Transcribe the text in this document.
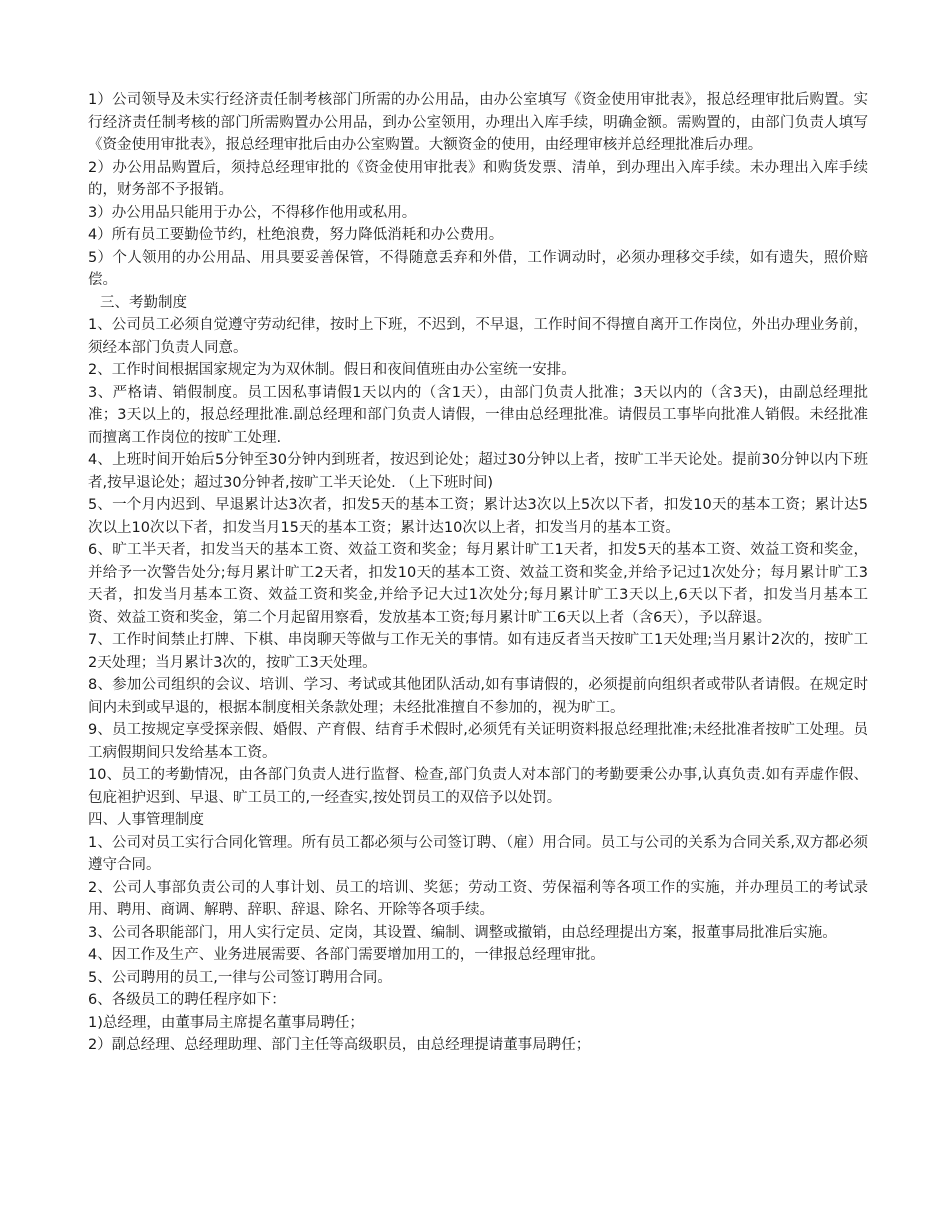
1）公司领导及未实行经济责任制考核部门所需的办公用品，由办公室填写《资金使用审批表》，报总经理审批后购置。实行经济责任制考核的部门所需购置办公用品，到办公室领用，办理出入库手续，明确金额。需购置的，由部门负责人填写《资金使用审批表》，报总经理审批后由办公室购置。大额资金的使用，由经理审核并总经理批准后办理。

2）办公用品购置后，须持总经理审批的《资金使用审批表》和购货发票、清单，到办理出入库手续。未办理出入库手续的，财务部不予报销。

3）办公用品只能用于办公，不得移作他用或私用。

4）所有员工要勤俭节约，杜绝浪费，努力降低消耗和办公费用。

5）个人领用的办公用品、用具要妥善保管，不得随意丢弃和外借，工作调动时，必须办理移交手续，如有遗失，照价赔偿。

三、考勤制度

1、公司员工必须自觉遵守劳动纪律，按时上下班，不迟到，不早退，工作时间不得擅自离开工作岗位，外出办理业务前，须经本部门负责人同意。

2、工作时间根据国家规定为为双休制。假日和夜间值班由办公室统一安排。

3、严格请、销假制度。员工因私事请假1天以内的（含1天），由部门负责人批准；3天以内的（含3天)，由副总经理批准；3天以上的，报总经理批准.副总经理和部门负责人请假，一律由总经理批准。请假员工事毕向批准人销假。未经批准而擅离工作岗位的按旷工处理.

4、上班时间开始后5分钟至30分钟内到班者，按迟到论处；超过30分钟以上者，按旷工半天论处。提前30分钟以内下班者,按早退论处；超过30分钟者,按旷工半天论处. （上下班时间)

5、一个月内迟到、早退累计达3次者，扣发5天的基本工资；累计达3次以上5次以下者，扣发10天的基本工资；累计达5次以上10次以下者，扣发当月15天的基本工资；累计达10次以上者，扣发当月的基本工资。

6、旷工半天者，扣发当天的基本工资、效益工资和奖金；每月累计旷工1天者，扣发5天的基本工资、效益工资和奖金，并给予一次警告处分;每月累计旷工2天者，扣发10天的基本工资、效益工资和奖金,并给予记过1次处分；每月累计旷工3天者，扣发当月基本工资、效益工资和奖金,并给予记大过1次处分;每月累计旷工3天以上,6天以下者，扣发当月基本工资、效益工资和奖金，第二个月起留用察看，发放基本工资;每月累计旷工6天以上者（含6天），予以辞退。

7、工作时间禁止打牌、下棋、串岗聊天等做与工作无关的事情。如有违反者当天按旷工1天处理;当月累计2次的，按旷工2天处理；当月累计3次的，按旷工3天处理。

8、参加公司组织的会议、培训、学习、考试或其他团队活动,如有事请假的，必须提前向组织者或带队者请假。在规定时间内未到或早退的，根据本制度相关条款处理；未经批准擅自不参加的，视为旷工。

9、员工按规定享受探亲假、婚假、产育假、结育手术假时,必须凭有关证明资料报总经理批准;未经批准者按旷工处理。员工病假期间只发给基本工资。

10、员工的考勤情况，由各部门负责人进行监督、检查,部门负责人对本部门的考勤要秉公办事,认真负责.如有弄虚作假、包庇袒护迟到、早退、旷工员工的,一经查实,按处罚员工的双倍予以处罚。

四、人事管理制度

1、公司对员工实行合同化管理。所有员工都必须与公司签订聘、（雇）用合同。员工与公司的关系为合同关系,双方都必须遵守合同。

2、公司人事部负责公司的人事计划、员工的培训、奖惩；劳动工资、劳保福利等各项工作的实施，并办理员工的考试录用、聘用、商调、解聘、辞职、辞退、除名、开除等各项手续。

3、公司各职能部门，用人实行定员、定岗，其设置、编制、调整或撤销，由总经理提出方案，报董事局批准后实施。

4、因工作及生产、业务进展需要、各部门需要增加用工的，一律报总经理审批。

5、公司聘用的员工,一律与公司签订聘用合同。

6、各级员工的聘任程序如下：

1)总经理，由董事局主席提名董事局聘任；

2）副总经理、总经理助理、部门主任等高级职员，由总经理提请董事局聘任；
